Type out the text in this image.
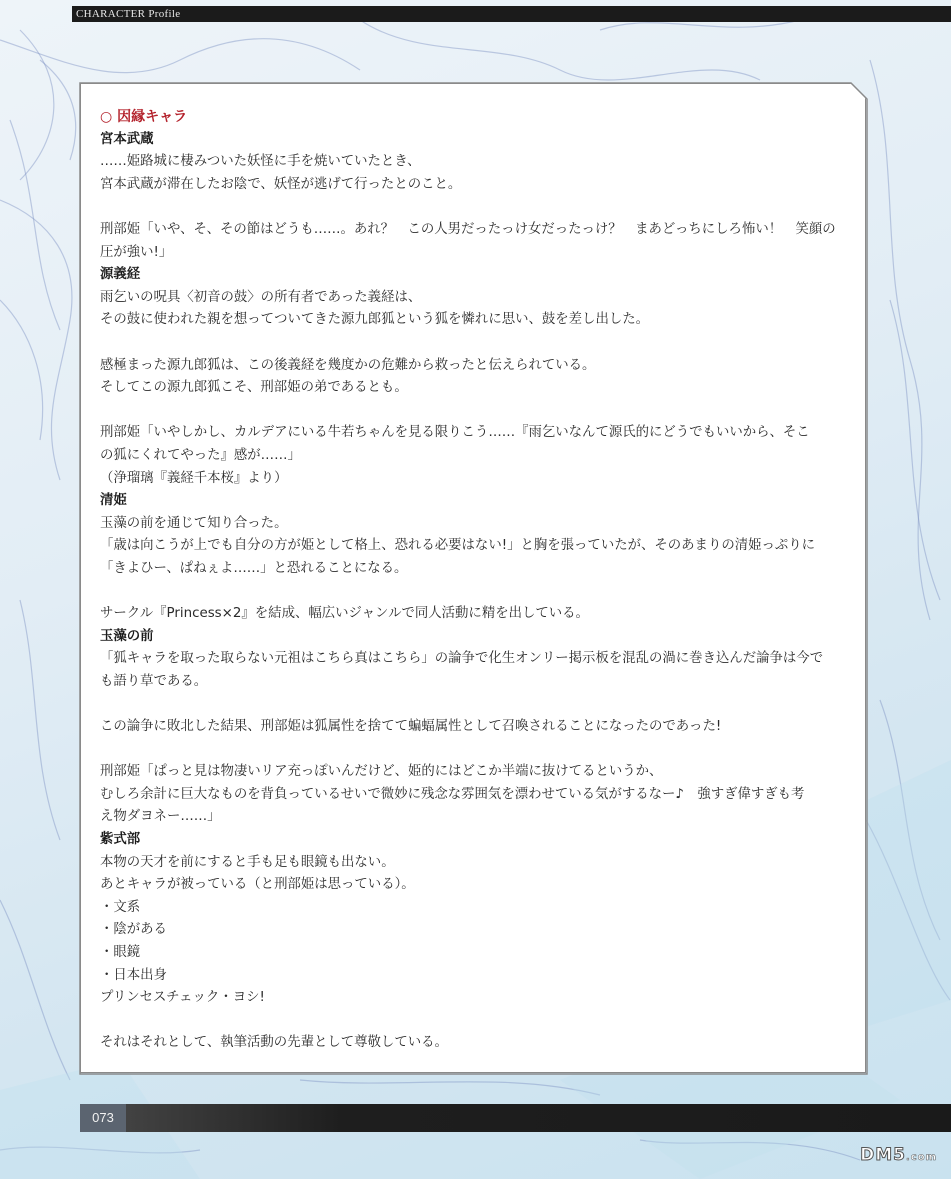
CHARACTER Profile
○ 因縁キャラ
宮本武蔵
……姫路城に棲みついた妖怪に手を焼いていたとき、
宮本武蔵が滞在したお陰で、妖怪が逃げて行ったとのこと。
刑部姫「いや、そ、その節はどうも……。あれ？　この人男だったっけ女だったっけ？　まあどっちにしろ怖い！　笑顔の
圧が強い!」
源義経
雨乞いの呪具〈初音の鼓〉の所有者であった義経は、
その鼓に使われた親を想ってついてきた源九郎狐という狐を憐れに思い、鼓を差し出した。
感極まった源九郎狐は、この後義経を幾度かの危難から救ったと伝えられている。
そしてこの源九郎狐こそ、刑部姫の弟であるとも。
刑部姫「いやしかし、カルデアにいる牛若ちゃんを見る限りこう……『雨乞いなんて源氏的にどうでもいいから、そこ
の狐にくれてやった』感が……」
（浄瑠璃『義経千本桜』より）
清姫
玉藻の前を通じて知り合った。
「歳は向こうが上でも自分の方が姫として格上、恐れる必要はない!」と胸を張っていたが、そのあまりの清姫っぷりに
「きよひー、ぱねぇよ……」と恐れることになる。
サークル『Princess×2』を結成、幅広いジャンルで同人活動に精を出している。
玉藻の前
「狐キャラを取った取らない元祖はこちら真はこちら」の論争で化生オンリー掲示板を混乱の渦に巻き込んだ論争は今で
も語り草である。
この論争に敗北した結果、刑部姫は狐属性を捨てて蝙蝠属性として召喚されることになったのであった!
刑部姫「ぱっと見は物凄いリア充っぽいんだけど、姫的にはどこか半端に抜けてるというか、
むしろ余計に巨大なものを背負っているせいで微妙に残念な雰囲気を漂わせている気がするなー♪　強すぎ偉すぎも考
え物ダヨネー……」
紫式部
本物の天才を前にすると手も足も眼鏡も出ない。
あとキャラが被っている（と刑部姫は思っている）。
・文系
・陰がある
・眼鏡
・日本出身
プリンセスチェック・ヨシ!
それはそれとして、執筆活動の先輩として尊敬している。
073
DM5.com
